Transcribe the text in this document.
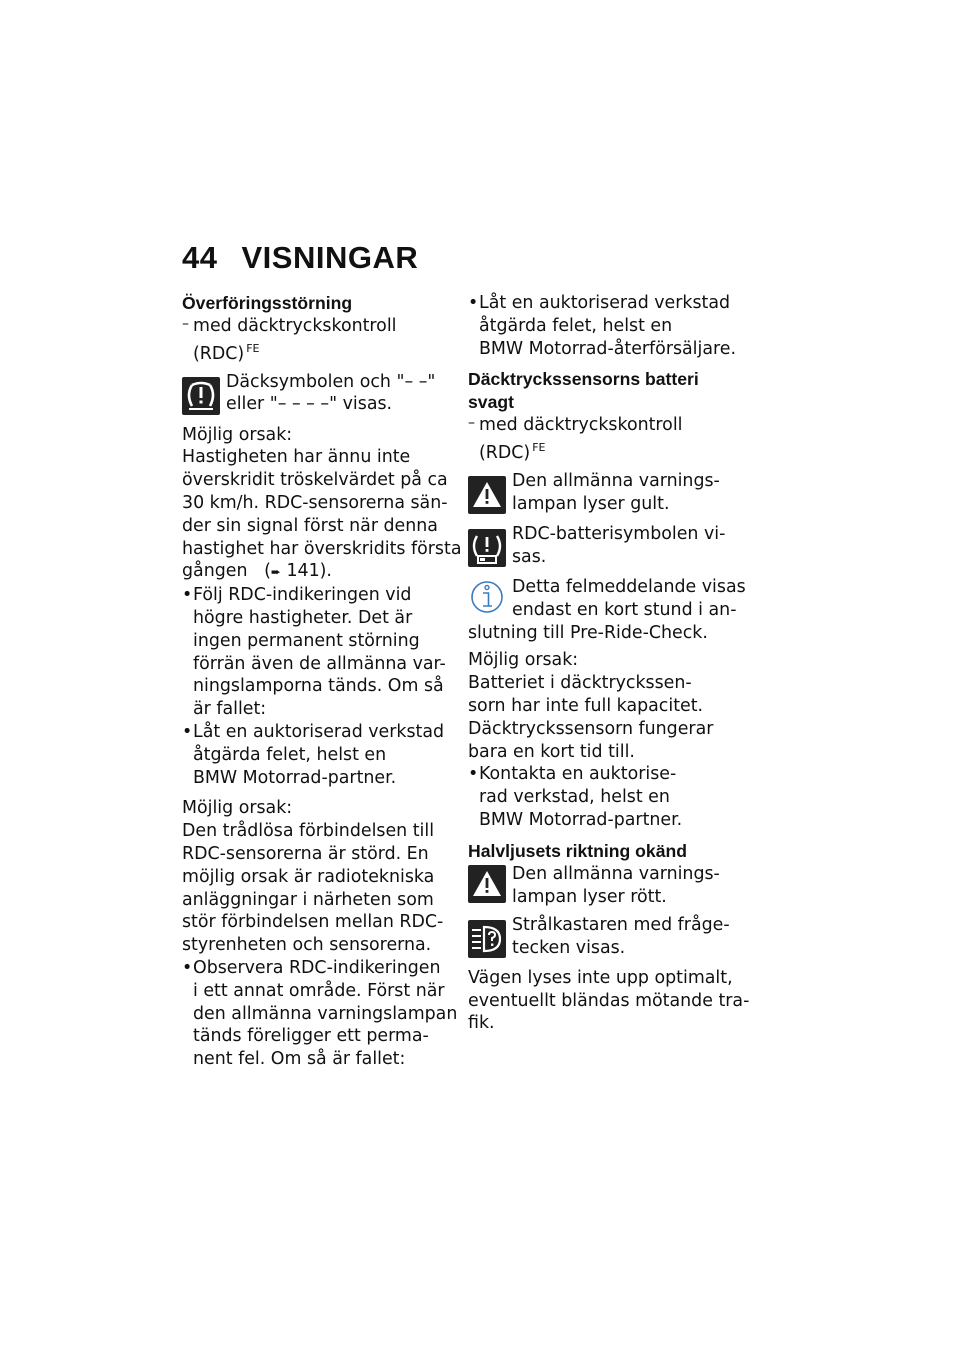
44 VISNINGAR
Överföringsstörning
– med däcktryckskontroll
(RDC) $^{FE}$
Däcksymbolen och "– –"
eller "– – – –" visas.
Möjlig orsak:
Hastigheten har ännu inte
överskridit tröskelvärdet på ca
30 km/h. RDC-sensorerna sän-
der sin signal först när denna
hastighet har överskridits första
gången   (➨ 141).
• Följ RDC-indikeringen vid
högre hastigheter. Det är
ingen permanent störning
förrän även de allmänna var-
ningslamporna tänds. Om så
är fallet:
• Låt en auktoriserad verkstad
åtgärda felet, helst en
BMW Motorrad-partner.
Möjlig orsak:
Den trådlösa förbindelsen till
RDC-sensorerna är störd. En
möjlig orsak är radiotekniska
anläggningar i närheten som
stör förbindelsen mellan RDC-
styrenheten och sensorerna.
• Observera RDC-indikeringen
i ett annat område. Först när
den allmänna varningslampan
tänds föreligger ett perma-
nent fel. Om så är fallet:
• Låt en auktoriserad verkstad
åtgärda felet, helst en
BMW Motorrad-återförsäljare.
Däcktryckssensorns batteri
svagt
– med däcktryckskontroll
(RDC) $^{FE}$
Den allmänna varnings-
lampan lyser gult.
RDC-batterisymbolen vi-
sas.
Detta felmeddelande visas
endast en kort stund i an-
slutning till Pre-Ride-Check.
Möjlig orsak:
Batteriet i däcktryckssen-
sorn har inte full kapacitet.
Däcktryckssensorn fungerar
bara en kort tid till.
• Kontakta en auktorise-
rad verkstad, helst en
BMW Motorrad-partner.
Halvljusets riktning okänd
Den allmänna varnings-
lampan lyser rött.
Strålkastaren med fråge-
tecken visas.
Vägen lyses inte upp optimalt,
eventuellt bländas mötande tra-
fik.
